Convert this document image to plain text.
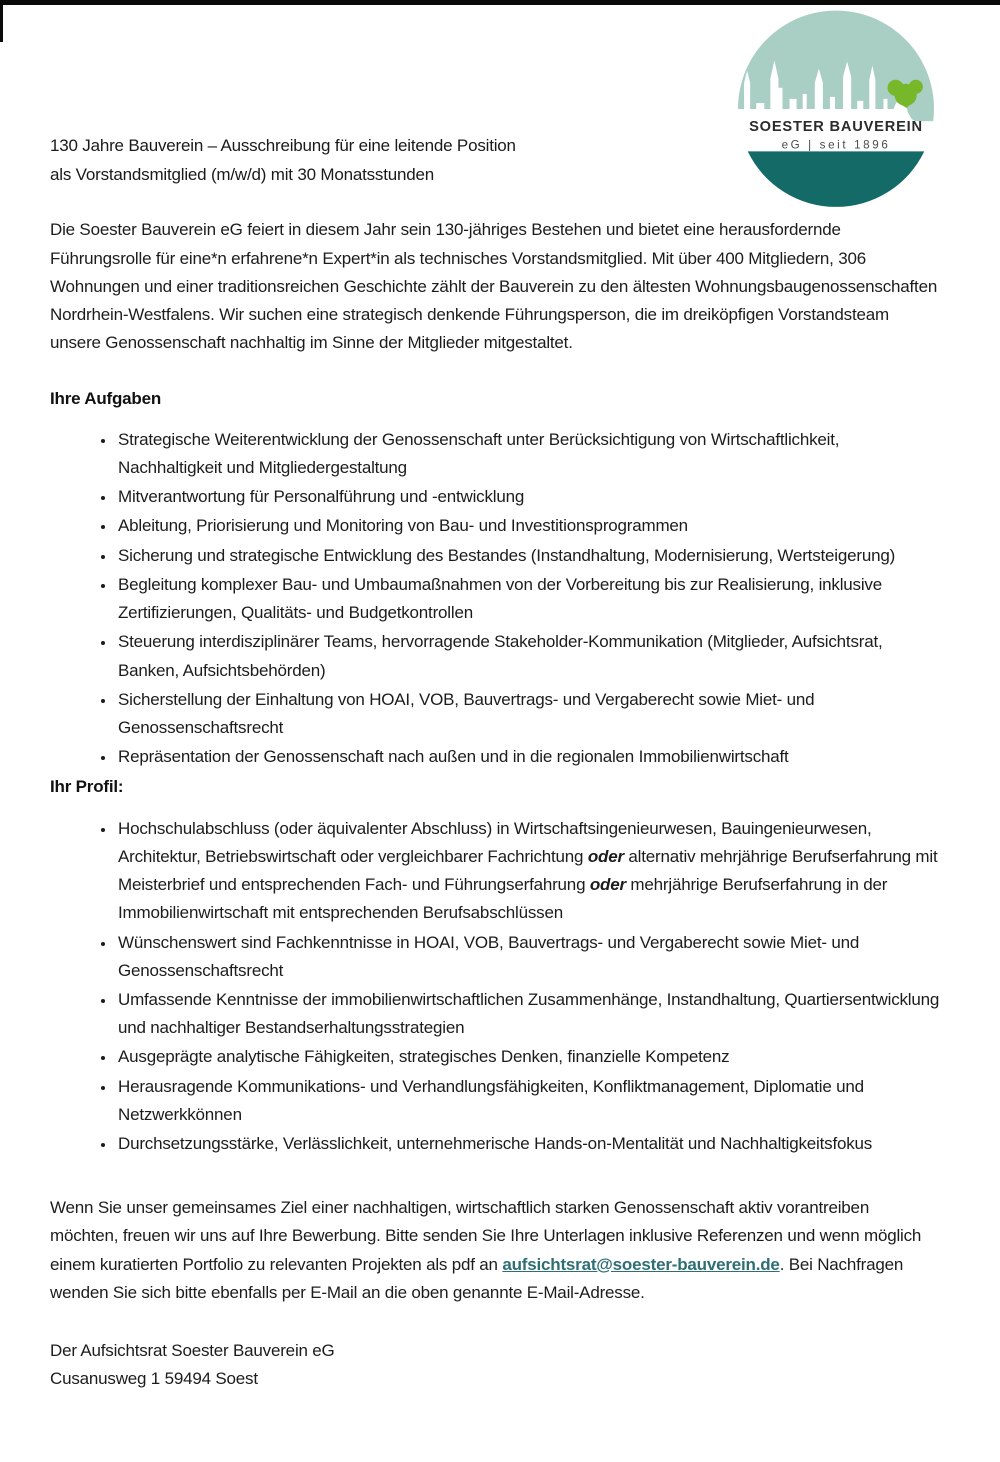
SOESTER BAUVEREIN
eG | seit 1896
130 Jahre Bauverein – Ausschreibung für eine leitende Position
als Vorstandsmitglied (m/w/d) mit 30 Monatsstunden

Die Soester Bauverein eG feiert in diesem Jahr sein 130-jähriges Bestehen und bietet eine herausfordernde Führungsrolle für eine*n erfahrene*n Expert*in als technisches Vorstandsmitglied. Mit über 400 Mitgliedern, 306 Wohnungen und einer traditionsreichen Geschichte zählt der Bauverein zu den ältesten Wohnungsbaugenossenschaften Nordrhein-Westfalens. Wir suchen eine strategisch denkende Führungsperson, die im dreiköpfigen Vorstandsteam unsere Genossenschaft nachhaltig im Sinne der Mitglieder mitgestaltet.

Ihre Aufgaben

• Strategische Weiterentwicklung der Genossenschaft unter Berücksichtigung von Wirtschaftlichkeit, Nachhaltigkeit und Mitgliedergestaltung
• Mitverantwortung für Personalführung und -entwicklung
• Ableitung, Priorisierung und Monitoring von Bau- und Investitionsprogrammen
• Sicherung und strategische Entwicklung des Bestandes (Instandhaltung, Modernisierung, Wertsteigerung)
• Begleitung komplexer Bau- und Umbaumaßnahmen von der Vorbereitung bis zur Realisierung, inklusive Zertifizierungen, Qualitäts- und Budgetkontrollen
• Steuerung interdisziplinärer Teams, hervorragende Stakeholder-Kommunikation (Mitglieder, Aufsichtsrat, Banken, Aufsichtsbehörden)
• Sicherstellung der Einhaltung von HOAI, VOB, Bauvertrags- und Vergaberecht sowie Miet- und Genossenschaftsrecht
• Repräsentation der Genossenschaft nach außen und in die regionalen Immobilienwirtschaft

Ihr Profil:

• Hochschulabschluss (oder äquivalenter Abschluss) in Wirtschaftsingenieurwesen, Bauingenieurwesen, Architektur, Betriebswirtschaft oder vergleichbarer Fachrichtung oder alternativ mehrjährige Berufserfahrung mit Meisterbrief und entsprechenden Fach- und Führungserfahrung oder mehrjährige Berufserfahrung in der Immobilienwirtschaft mit entsprechenden Berufsabschlüssen
• Wünschenswert sind Fachkenntnisse in HOAI, VOB, Bauvertrags- und Vergaberecht sowie Miet- und Genossenschaftsrecht
• Umfassende Kenntnisse der immobilienwirtschaftlichen Zusammenhänge, Instandhaltung, Quartiersentwicklung und nachhaltiger Bestandserhaltungsstrategien
• Ausgeprägte analytische Fähigkeiten, strategisches Denken, finanzielle Kompetenz
• Herausragende Kommunikations- und Verhandlungsfähigkeiten, Konfliktmanagement, Diplomatie und Netzwerkkönnen
• Durchsetzungsstärke, Verlässlichkeit, unternehmerische Hands-on-Mentalität und Nachhaltigkeitsfokus

Wenn Sie unser gemeinsames Ziel einer nachhaltigen, wirtschaftlich starken Genossenschaft aktiv vorantreiben möchten, freuen wir uns auf Ihre Bewerbung. Bitte senden Sie Ihre Unterlagen inklusive Referenzen und wenn möglich einem kuratierten Portfolio zu relevanten Projekten als pdf an aufsichtsrat@soester-bauverein.de. Bei Nachfragen wenden Sie sich bitte ebenfalls per E-Mail an die oben genannte E-Mail-Adresse.

Der Aufsichtsrat Soester Bauverein eG
Cusanusweg 1 59494 Soest
